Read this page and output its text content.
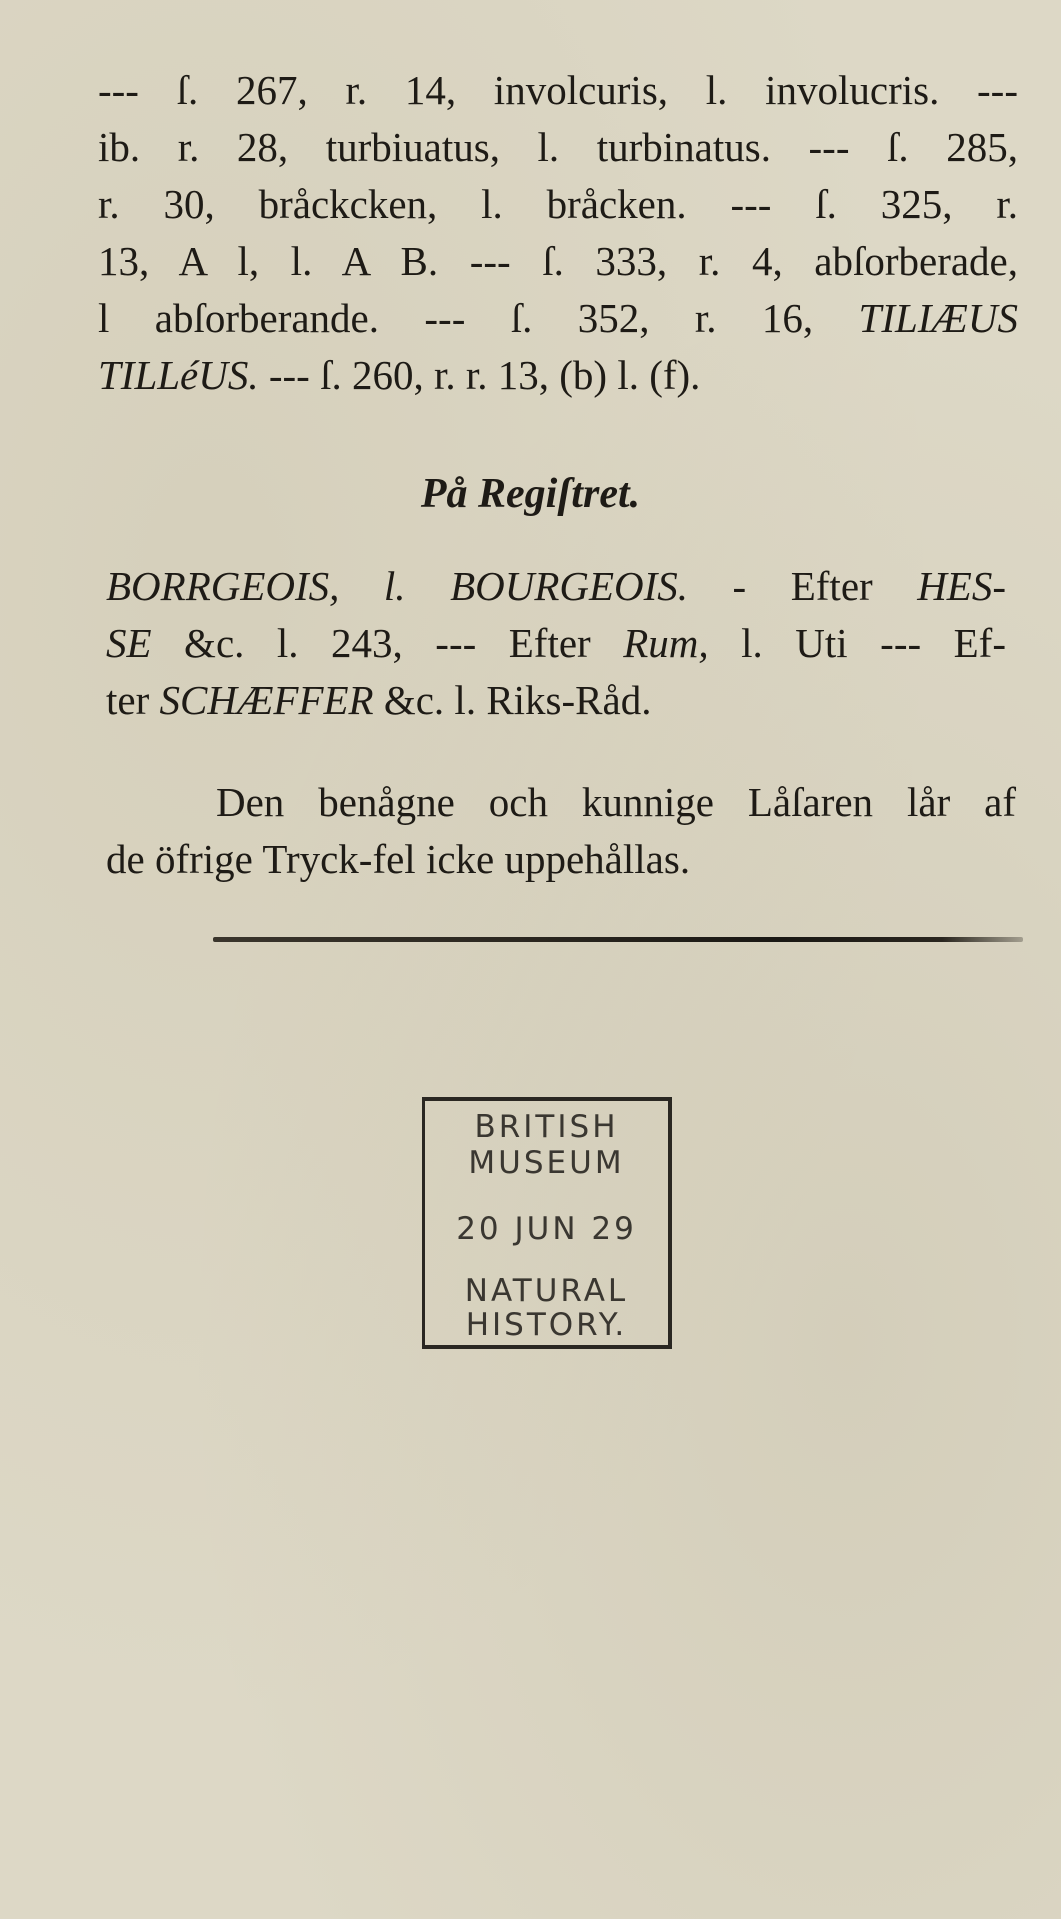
--- ſ. 267, r. 14, involcuris, l. involucris. ---
ib. r. 28, turbiuatus, l. turbinatus. --- ſ. 285,
r. 30, bråckcken, l. bråcken. --- ſ. 325, r.
13, A l, l. A B. --- ſ. 333, r. 4, abſorberade,
l abſorberande. --- ſ. 352, r. 16, TILIÆUS
TILLéUS. --- ſ. 260, r. r. 13, (b) l. (f).
På Regiſtret.
BORRGEOIS, l. BOURGEOIS. - Efter HES-
SE &c. l. 243, --- Efter Rum, l. Uti --- Ef-
ter SCHÆFFER &c. l. Riks-Råd.
Den benågne och kunnige Låſaren lår af
de öfrige Tryck-fel icke uppehållas.
BRITISH
MUSEUM
20 JUN 29
NATURAL
HISTORY.
